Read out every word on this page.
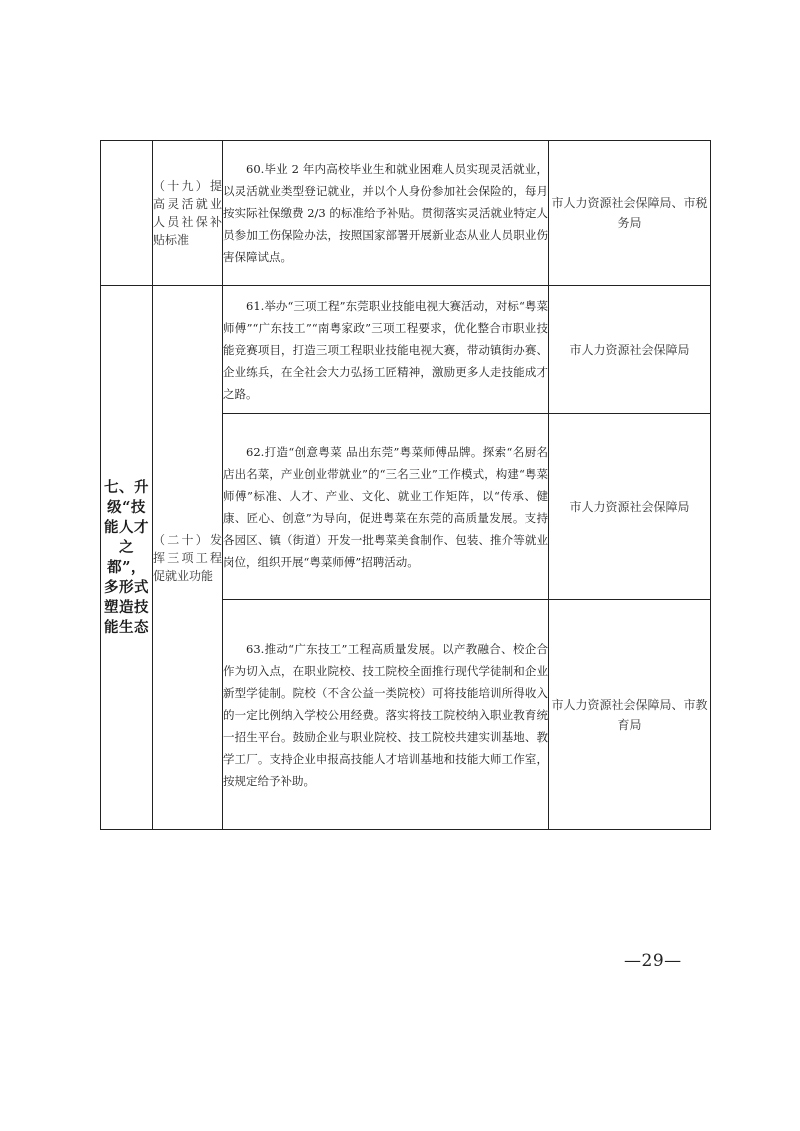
	（十九）提高灵活就业人员社保补贴标准	60.毕业 2 年内高校毕业生和就业困难人员实现灵活就业，以灵活就业类型登记就业，并以个人身份参加社会保险的，每月按实际社保缴费 2/3 的标准给予补贴。贯彻落实灵活就业特定人员参加工伤保险办法，按照国家部署开展新业态从业人员职业伤害保障试点。	市人力资源社会保障局、市税务局

七、升级“技能人才之都”，多形式塑造技能生态	（二十）发挥三项工程促就业功能	61.举办“三项工程”东莞职业技能电视大赛活动，对标“粤菜师傅”“广东技工”“南粤家政”三项工程要求，优化整合市职业技能竞赛项目，打造三项工程职业技能电视大赛，带动镇街办赛、企业练兵，在全社会大力弘扬工匠精神，激励更多人走技能成才之路。	市人力资源社会保障局

		62.打造“创意粤菜 品出东莞”粤菜师傅品牌。探索“名厨名店出名菜，产业创业带就业”的“三名三业”工作模式，构建“粤菜师傅”标准、人才、产业、文化、就业工作矩阵，以“传承、健康、匠心、创意”为导向，促进粤菜在东莞的高质量发展。支持各园区、镇（街道）开发一批粤菜美食制作、包装、推介等就业岗位，组织开展“粤菜师傅”招聘活动。	市人力资源社会保障局

		63.推动“广东技工”工程高质量发展。以产教融合、校企合作为切入点，在职业院校、技工院校全面推行现代学徒制和企业新型学徒制。院校（不含公益一类院校）可将技能培训所得收入的一定比例纳入学校公用经费。落实将技工院校纳入职业教育统一招生平台。鼓励企业与职业院校、技工院校共建实训基地、教学工厂。支持企业申报高技能人才培训基地和技能大师工作室，按规定给予补助。	市人力资源社会保障局、市教育局
—29—
